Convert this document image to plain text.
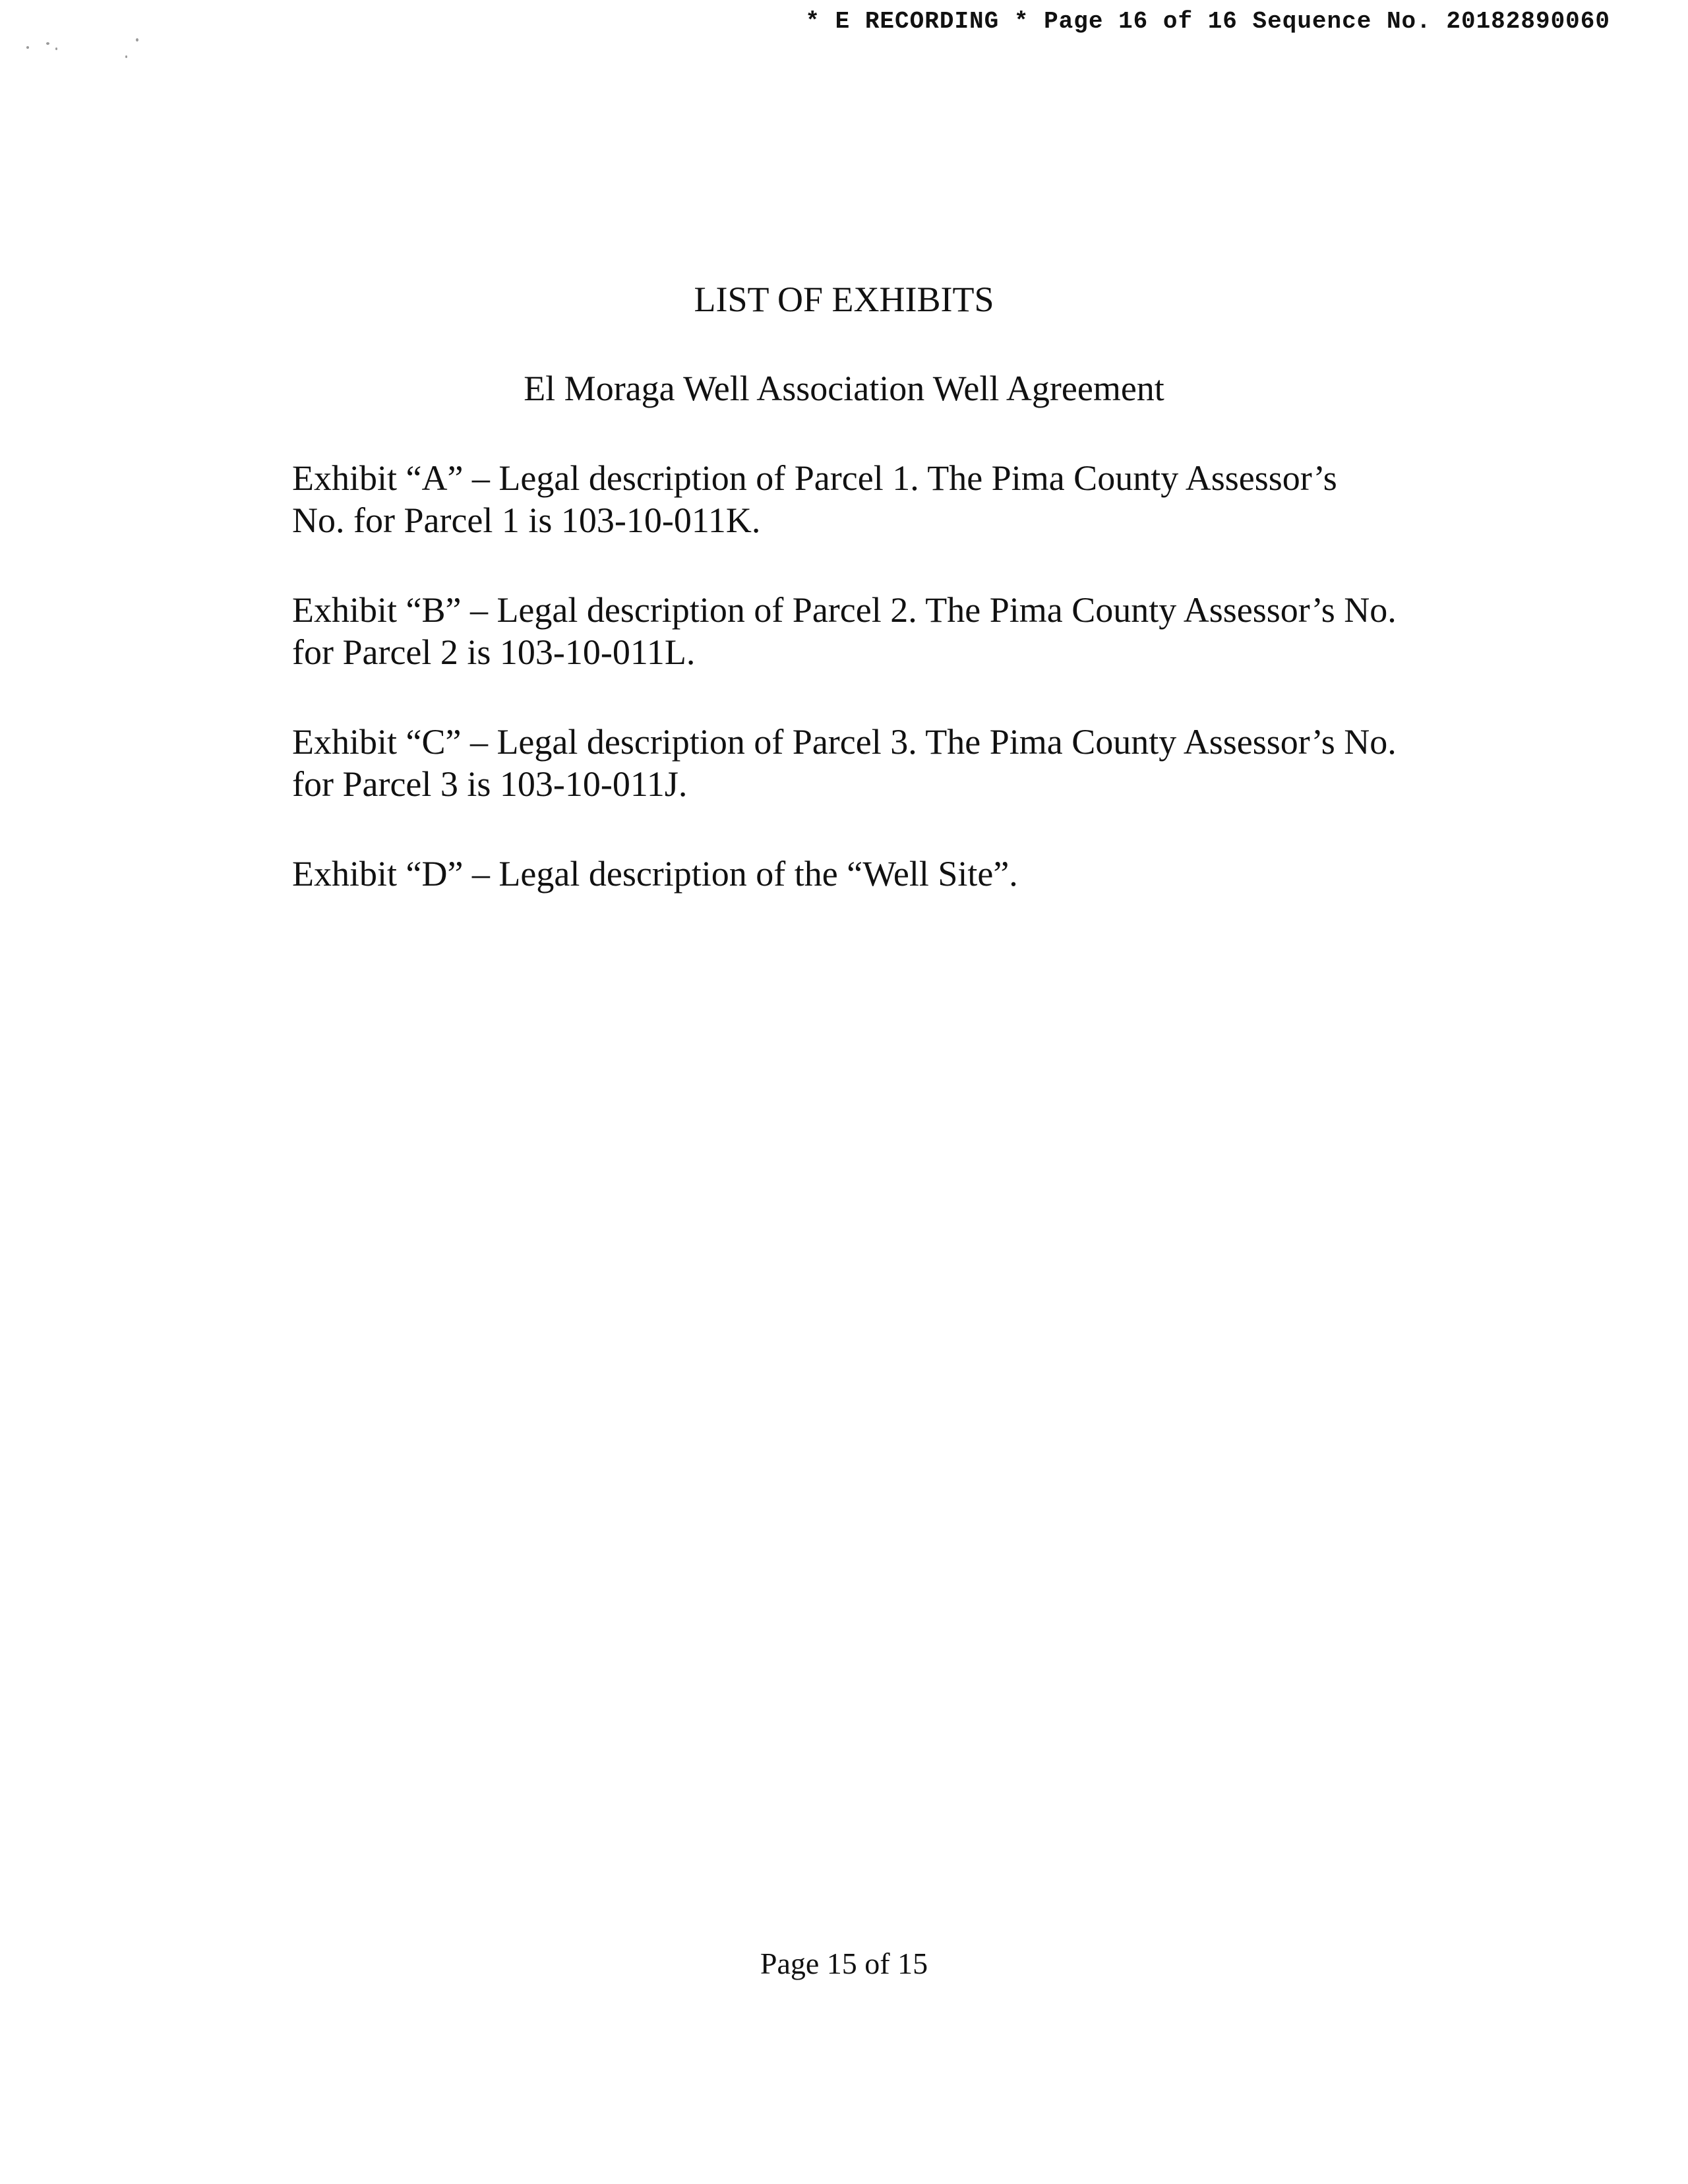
* E RECORDING * Page 16 of 16 Sequence No. 20182890060
LIST OF EXHIBITS
El Moraga Well Association Well Agreement
Exhibit “A” – Legal description of Parcel 1. The Pima County Assessor’s
No. for Parcel 1 is 103-10-011K.
Exhibit “B” – Legal description of Parcel 2. The Pima County Assessor’s No.
for Parcel 2 is 103-10-011L.
Exhibit “C” – Legal description of Parcel 3. The Pima County Assessor’s No.
for Parcel 3 is 103-10-011J.
Exhibit “D” – Legal description of the “Well Site”.
Page 15 of 15
